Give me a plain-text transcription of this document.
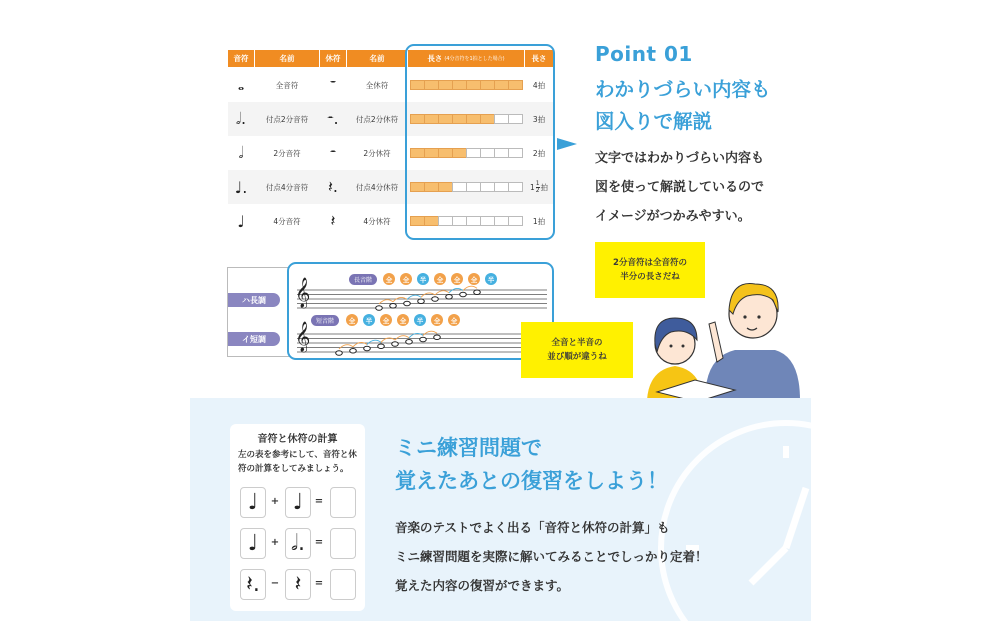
音符	名前	休符	名前	長さ (4分音符を1拍とした場合)	長さ
𝅝	全音符	𝄻	全休符	4拍
𝅗𝅥.	付点2分音符	𝄼.	付点2分休符	3拍
𝅗𝅥	2分音符	𝄼	2分休符	2拍
♩.	付点4分音符	𝄽.	付点4分休符	$1 \frac{1}{2}$ 拍
♩	4分音符	𝄽	4分休符	1拍
Point 01
わかりづらい内容も
図入りで解説
文字ではわかりづらい内容も
図を使って解説しているので
イメージがつかみやすい。
2分音符は全音符の
半分の長さだね
ハ長調
イ短調
𝄞
𝄞
長音階
短音階
全	全	半	全	全	全	半
全	半	全	全	半	全	全
全音と半音の
並び順が違うね
音符と休符の計算
左の表を参考にして、音符と休符の計算をしてみましょう。
♩	+ ♩	=
♩	+ 𝅗𝅥. =
𝄽.	− 𝄽	=
ミニ練習問題で
覚えたあとの復習をしよう！
音楽のテストでよく出る「音符と休符の計算」も
ミニ練習問題を実際に解いてみることでしっかり定着！
覚えた内容の復習ができます。
